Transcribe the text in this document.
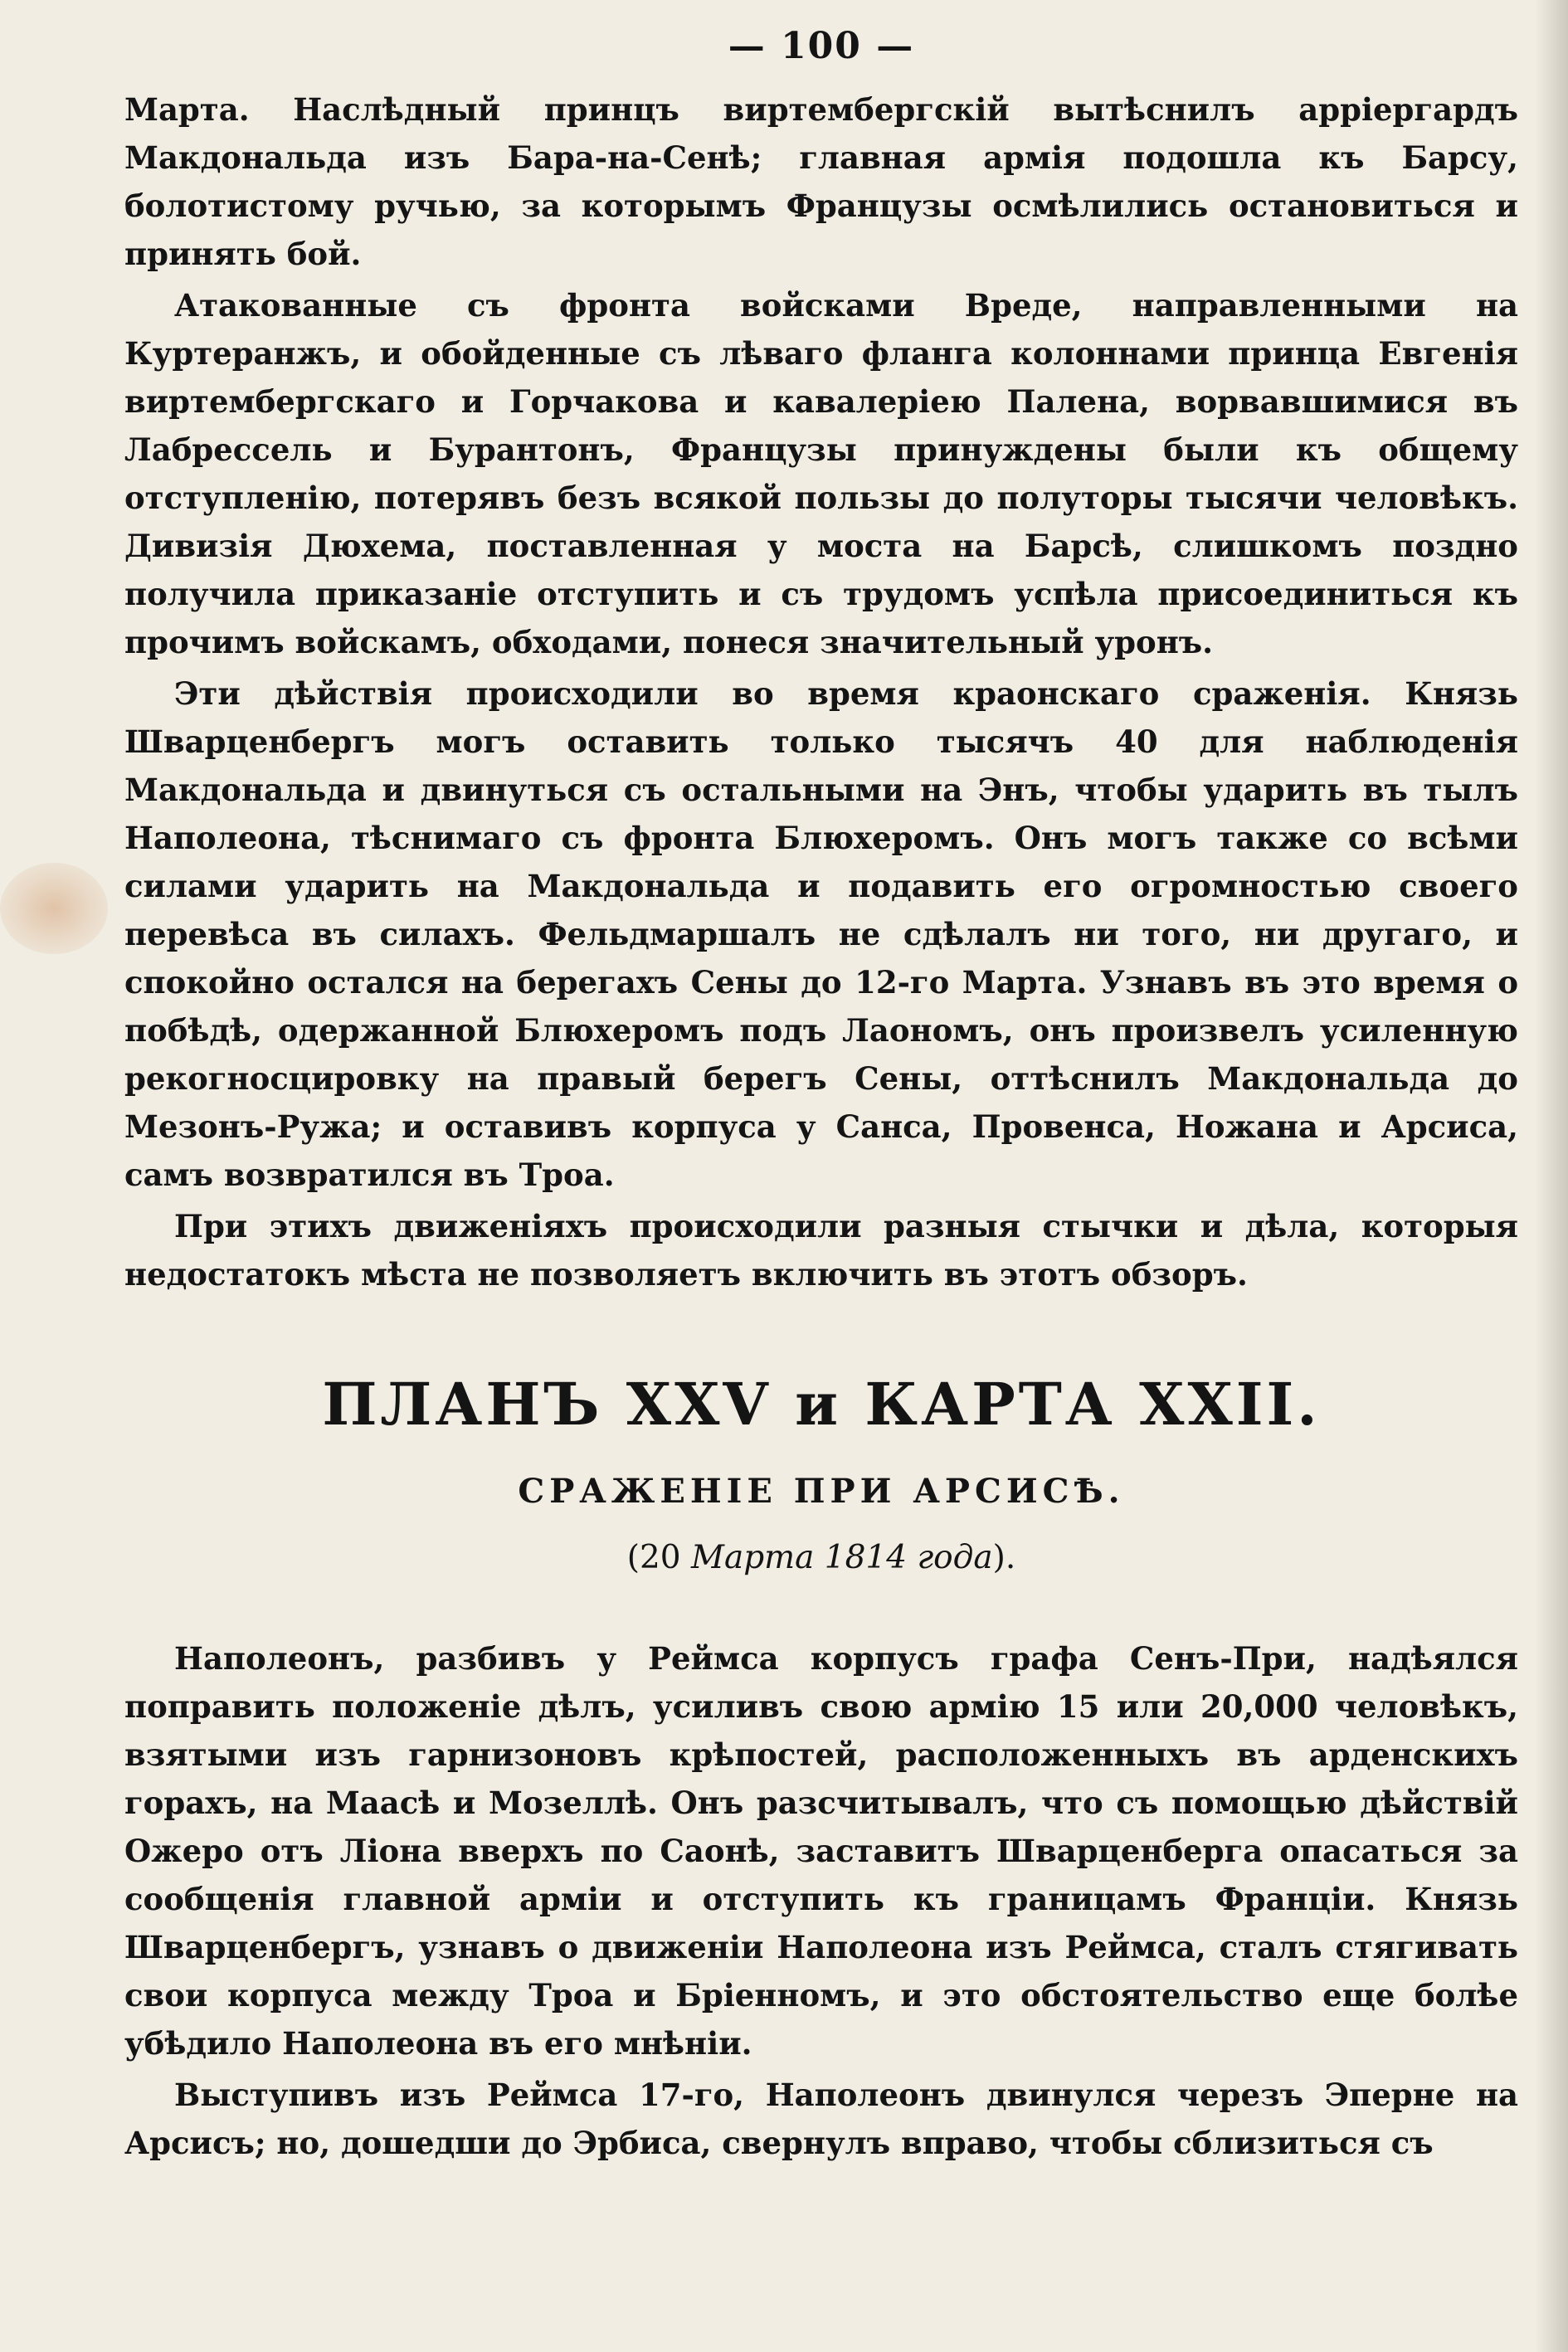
— 100 —

Марта. Наслѣдный принцъ виртембергскій вытѣснилъ арріергардъ Макдональда изъ Бара-на-Сенѣ; главная армія подошла къ Барсу, болотистому ручью, за которымъ Французы осмѣлились остановиться и принять бой.

Атакованные съ фронта войсками Вреде, направленными на Куртеранжъ, и обойденные съ лѣваго фланга колоннами принца Евгенія виртембергскаго и Горчакова и кавалеріею Палена, ворвавшимися въ Лабрессель и Бурантонъ, Французы принуждены были къ общему отступленію, потерявъ безъ всякой пользы до полуторы тысячи человѣкъ. Дивизія Дюхема, поставленная у моста на Барсѣ, слишкомъ поздно получила приказаніе отступить и съ трудомъ успѣла присоединиться къ прочимъ войскамъ, обходами, понеся значительный уронъ.

Эти дѣйствія происходили во время краонскаго сраженія. Князь Шварценбергъ могъ оставить только тысячъ 40 для наблюденія Макдональда и двинуться съ остальными на Энъ, чтобы ударить въ тылъ Наполеона, тѣснимаго съ фронта Блюхеромъ. Онъ могъ также со всѣми силами ударить на Макдональда и подавить его огромностью своего перевѣса въ силахъ. Фельдмаршалъ не сдѣлалъ ни того, ни другаго, и спокойно остался на берегахъ Сены до 12-го Марта. Узнавъ въ это время о побѣдѣ, одержанной Блюхеромъ подъ Лаономъ, онъ произвелъ усиленную рекогносцировку на правый берегъ Сены, оттѣснилъ Макдональда до Мезонъ-Ружа; и оставивъ корпуса у Санса, Провенса, Ножана и Арсиса, самъ возвратился въ Троа.

При этихъ движеніяхъ происходили разныя стычки и дѣла, которыя недостатокъ мѣста не позволяетъ включить въ этотъ обзоръ.

ПЛАНЪ XXV и КАРТА XXII.
СРАЖЕНІЕ ПРИ АРСИСѢ.
(20 Марта 1814 года).

Наполеонъ, разбивъ у Реймса корпусъ графа Сенъ-При, надѣялся поправить положеніе дѣлъ, усиливъ свою армію 15 или 20,000 человѣкъ, взятыми изъ гарнизоновъ крѣпостей, расположенныхъ въ арденскихъ горахъ, на Маасѣ и Мозеллѣ. Онъ разсчитывалъ, что съ помощью дѣйствій Ожеро отъ Ліона вверхъ по Саонѣ, заставитъ Шварценберга опасаться за сообщенія главной арміи и отступить къ границамъ Франціи. Князь Шварценбергъ, узнавъ о движеніи Наполеона изъ Реймса, сталъ стягивать свои корпуса между Троа и Бріенномъ, и это обстоятельство еще болѣе убѣдило Наполеона въ его мнѣніи.

Выступивъ изъ Реймса 17-го, Наполеонъ двинулся черезъ Эперне на Арсисъ; но, дошедши до Эрбиса, свернулъ вправо, чтобы сблизиться съ
